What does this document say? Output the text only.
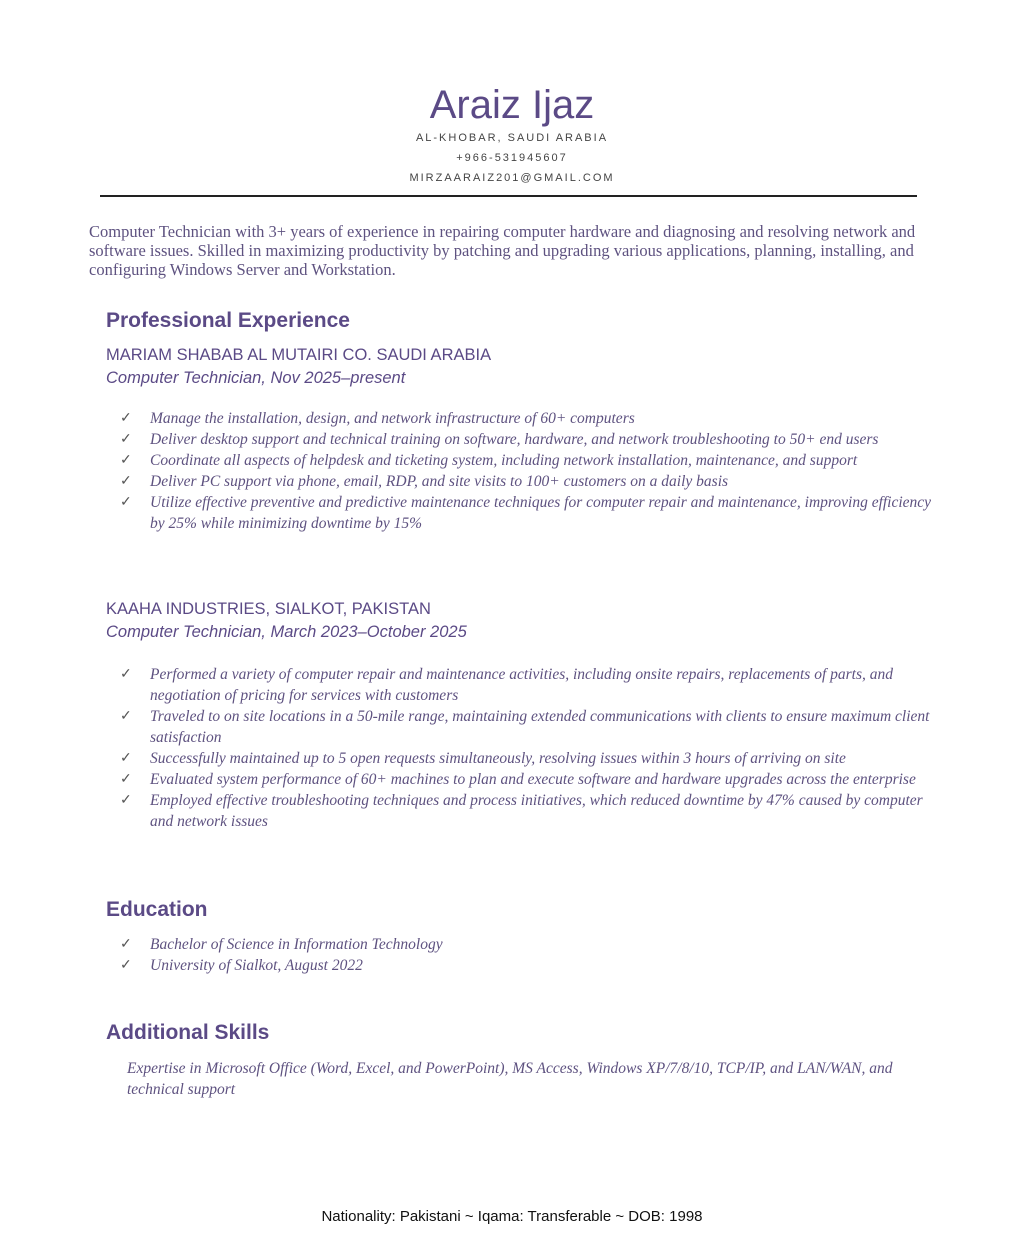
Araiz Ijaz
AL-KHOBAR, SAUDI ARABIA
+966-531945607
MIRZAARAIZ201@GMAIL.COM

Computer Technician with 3+ years of experience in repairing computer hardware and diagnosing and resolving network and software issues. Skilled in maximizing productivity by patching and upgrading various applications, planning, installing, and configuring Windows Server and Workstation.

Professional Experience
MARIAM SHABAB AL MUTAIRI CO. SAUDI ARABIA
Computer Technician, Nov 2025–present
✓ Manage the installation, design, and network infrastructure of 60+ computers
✓ Deliver desktop support and technical training on software, hardware, and network troubleshooting to 50+ end users
✓ Coordinate all aspects of helpdesk and ticketing system, including network installation, maintenance, and support
✓ Deliver PC support via phone, email, RDP, and site visits to 100+ customers on a daily basis
✓ Utilize effective preventive and predictive maintenance techniques for computer repair and maintenance, improving efficiency by 25% while minimizing downtime by 15%
KAAHA INDUSTRIES, SIALKOT, PAKISTAN
Computer Technician, March 2023–October 2025
✓ Performed a variety of computer repair and maintenance activities, including onsite repairs, replacements of parts, and negotiation of pricing for services with customers
✓ Traveled to on site locations in a 50-mile range, maintaining extended communications with clients to ensure maximum client satisfaction
✓ Successfully maintained up to 5 open requests simultaneously, resolving issues within 3 hours of arriving on site
✓ Evaluated system performance of 60+ machines to plan and execute software and hardware upgrades across the enterprise
✓ Employed effective troubleshooting techniques and process initiatives, which reduced downtime by 47% caused by computer and network issues
Education
✓ Bachelor of Science in Information Technology
✓ University of Sialkot, August 2022
Additional Skills

Expertise in Microsoft Office (Word, Excel, and PowerPoint), MS Access, Windows XP/7/8/10, TCP/IP, and LAN/WAN, and technical support

Nationality: Pakistani ~ Iqama: Transferable ~ DOB: 1998
